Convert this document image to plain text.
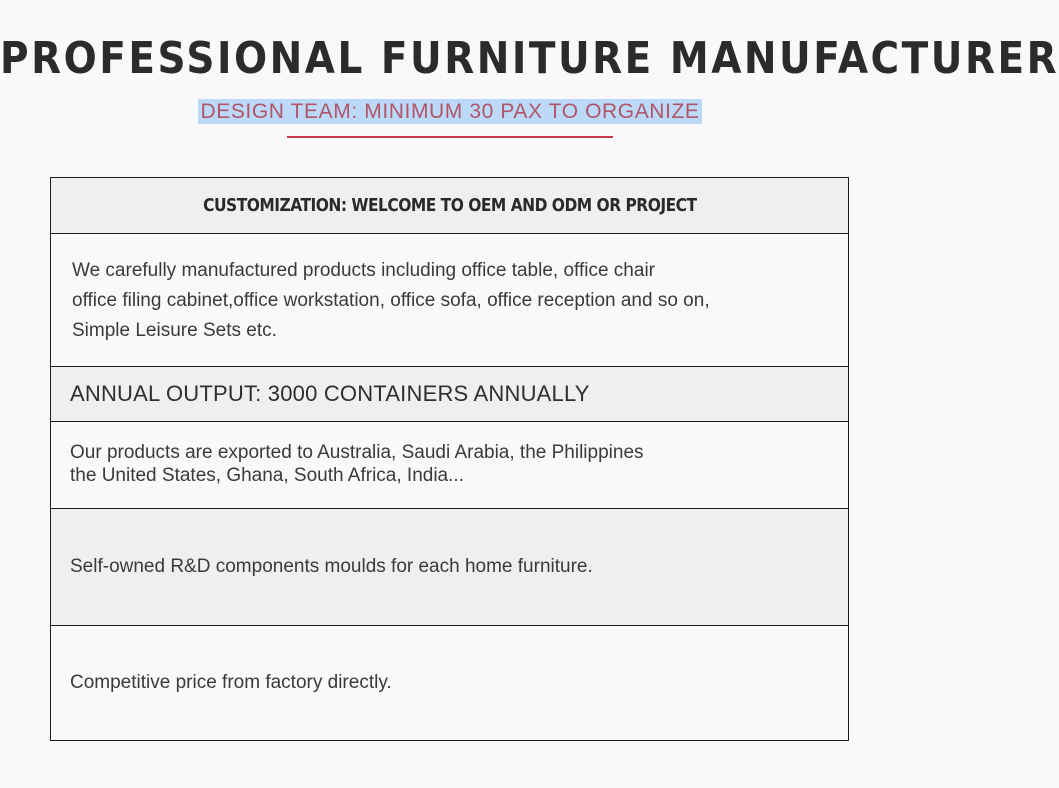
PROFESSIONAL FURNITURE MANUFACTURER
DESIGN TEAM: MINIMUM 30 PAX TO ORGANIZE
CUSTOMIZATION: WELCOME TO OEM AND ODM OR PROJECT
We carefully manufactured products including office table, office chair
office filing cabinet,office workstation, office sofa, office reception and so on,
Simple Leisure Sets etc.
ANNUAL OUTPUT: 3000 CONTAINERS ANNUALLY
Our products are exported to Australia, Saudi Arabia, the Philippines
the United States, Ghana, South Africa, India...
Self-owned R&D components moulds for each home furniture.
Competitive price from factory directly.
